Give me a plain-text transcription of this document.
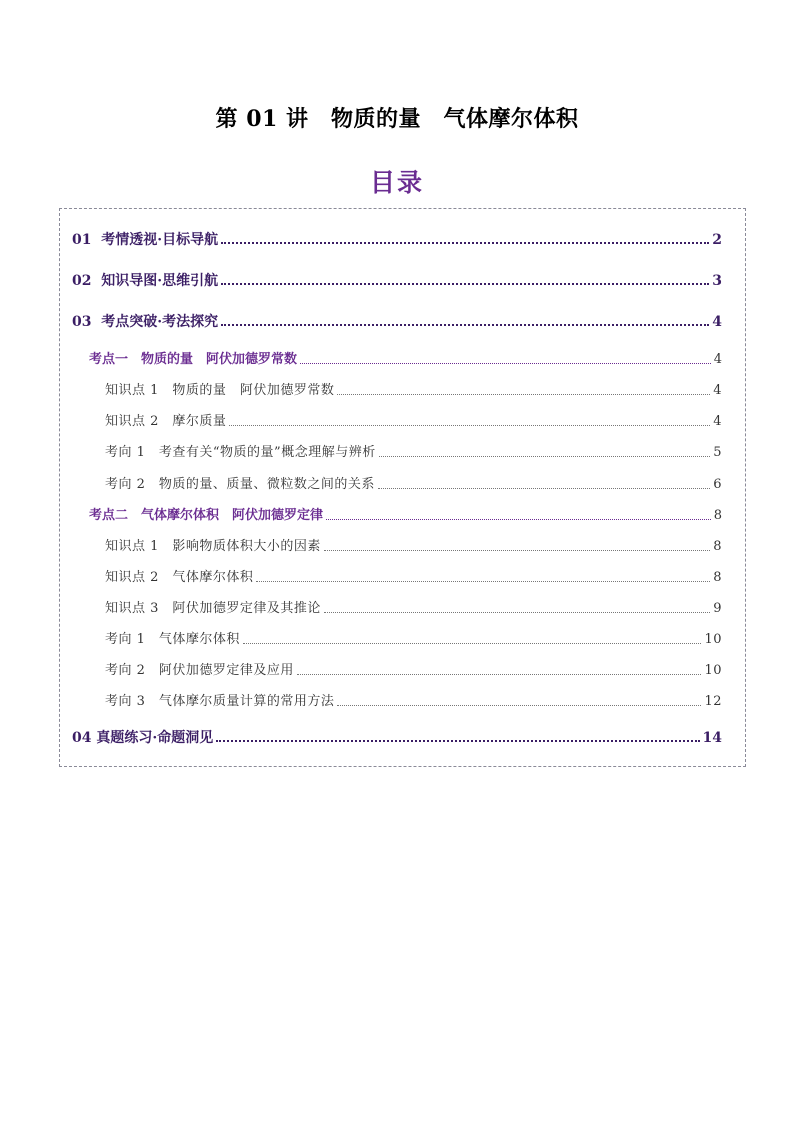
第 01 讲　物质的量　气体摩尔体积
目录
01  考情透视·目标导航	2
02  知识导图·思维引航	3
03  考点突破·考法探究	4
考点一　物质的量　阿伏加德罗常数	4
知识点 1　物质的量　阿伏加德罗常数	4
知识点 2　摩尔质量	4
考向 1　考查有关“物质的量”概念理解与辨析	5
考向 2　物质的量、质量、微粒数之间的关系	6
考点二　气体摩尔体积　阿伏加德罗定律	8
知识点 1　影响物质体积大小的因素	8
知识点 2　气体摩尔体积	8
知识点 3　阿伏加德罗定律及其推论	9
考向 1　气体摩尔体积	10
考向 2　阿伏加德罗定律及应用	10
考向 3　气体摩尔质量计算的常用方法	12
04 真题练习·命题洞见	14
